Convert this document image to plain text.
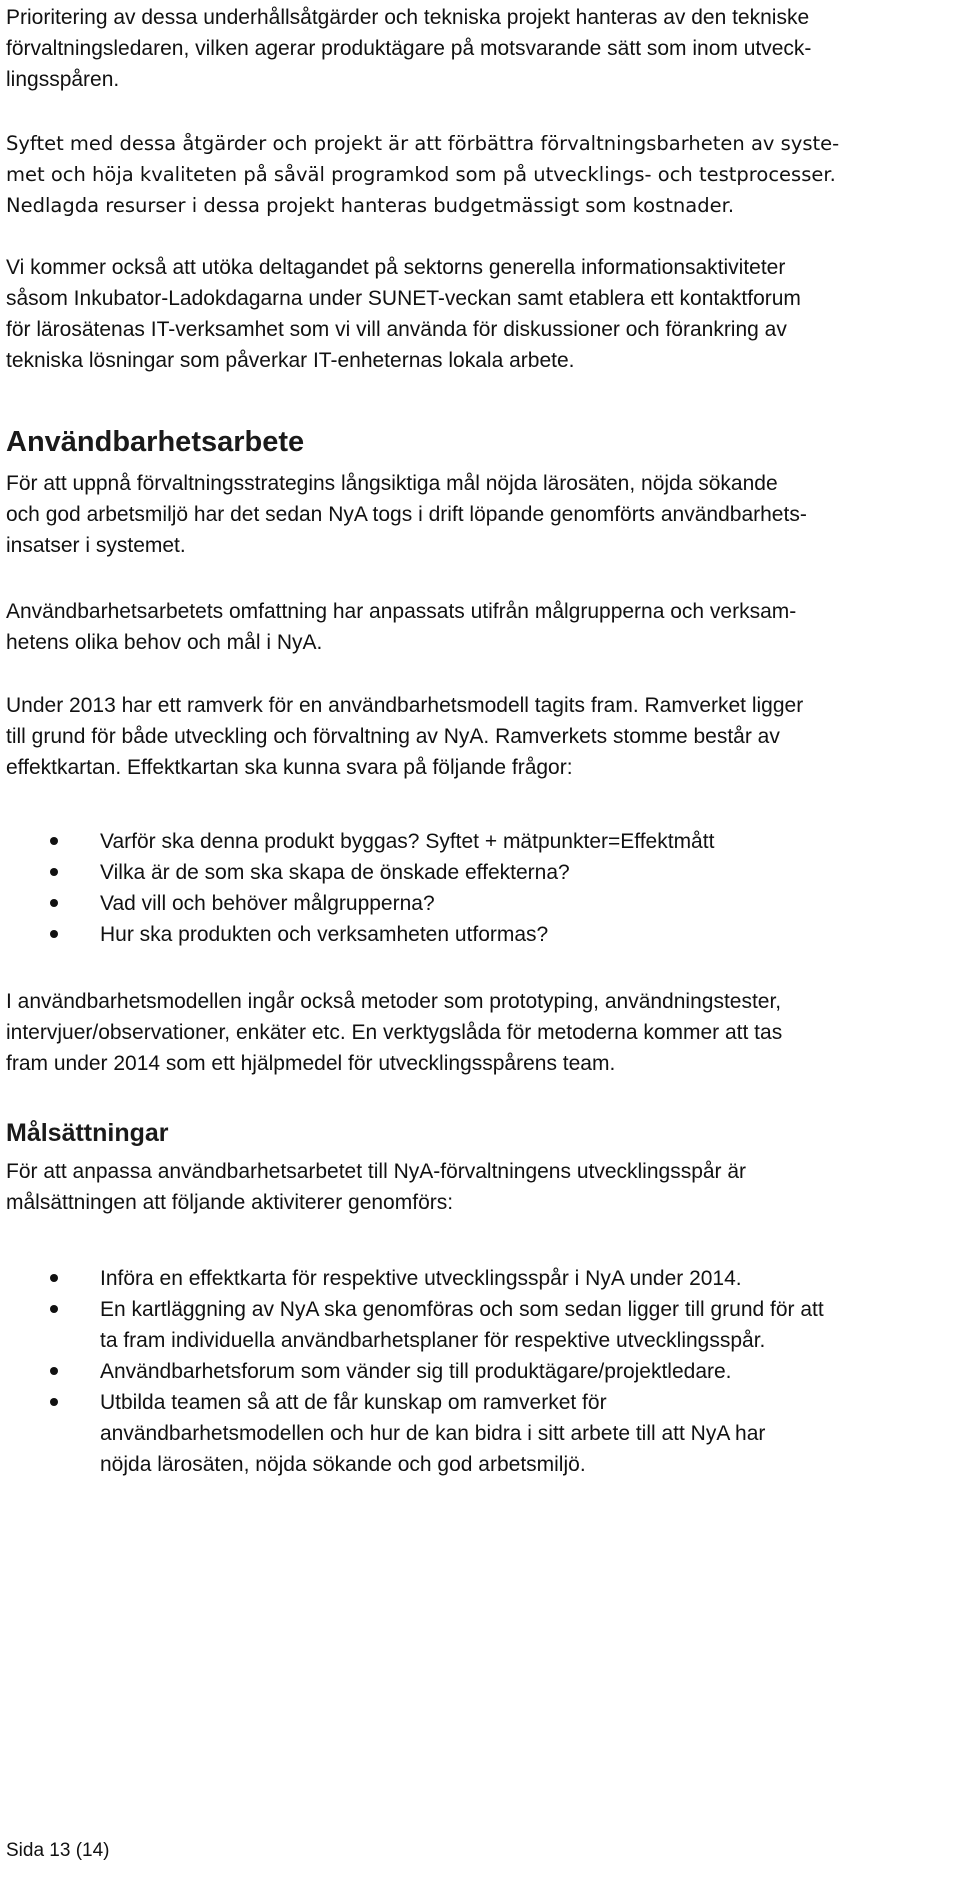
Prioritering av dessa underhållsåtgärder och tekniska projekt hanteras av den tekniske
förvaltningsledaren, vilken agerar produktägare på motsvarande sätt som inom utveck-
lingsspåren.

Syftet med dessa åtgärder och projekt är att förbättra förvaltningsbarheten av syste-
met och höja kvaliteten på såväl programkod som på utvecklings- och testprocesser.
Nedlagda resurser i dessa projekt hanteras budgetmässigt som kostnader.

Vi kommer också att utöka deltagandet på sektorns generella informationsaktiviteter
såsom Inkubator-Ladokdagarna under SUNET-veckan samt etablera ett kontaktforum
för lärosätenas IT-verksamhet som vi vill använda för diskussioner och förankring av
tekniska lösningar som påverkar IT-enheternas lokala arbete.

Användbarhetsarbete

För att uppnå förvaltningsstrategins långsiktiga mål nöjda lärosäten, nöjda sökande
och god arbetsmiljö har det sedan NyA togs i drift löpande genomförts användbarhets-
insatser i systemet.

Användbarhetsarbetets omfattning har anpassats utifrån målgrupperna och verksam-
hetens olika behov och mål i NyA.

Under 2013 har ett ramverk för en användbarhetsmodell tagits fram. Ramverket ligger
till grund för både utveckling och förvaltning av NyA. Ramverkets stomme består av
effektkartan. Effektkartan ska kunna svara på följande frågor:

Varför ska denna produkt byggas? Syftet + mätpunkter=Effektmått
Vilka är de som ska skapa de önskade effekterna?
Vad vill och behöver målgrupperna?
Hur ska produkten och verksamheten utformas?

I användbarhetsmodellen ingår också metoder som prototyping, användningstester,
intervjuer/observationer, enkäter etc. En verktygslåda för metoderna kommer att tas
fram under 2014 som ett hjälpmedel för utvecklingsspårens team.

Målsättningar

För att anpassa användbarhetsarbetet till NyA-förvaltningens utvecklingsspår är
målsättningen att följande aktiviterer genomförs:

Införa en effektkarta för respektive utvecklingsspår i NyA under 2014.
En kartläggning av NyA ska genomföras och som sedan ligger till grund för att
ta fram individuella användbarhetsplaner för respektive utvecklingsspår.
Användbarhetsforum som vänder sig till produktägare/projektledare.
Utbilda teamen så att de får kunskap om ramverket för
användbarhetsmodellen och hur de kan bidra i sitt arbete till att NyA har
nöjda lärosäten, nöjda sökande och god arbetsmiljö.
Sida 13 (14)
